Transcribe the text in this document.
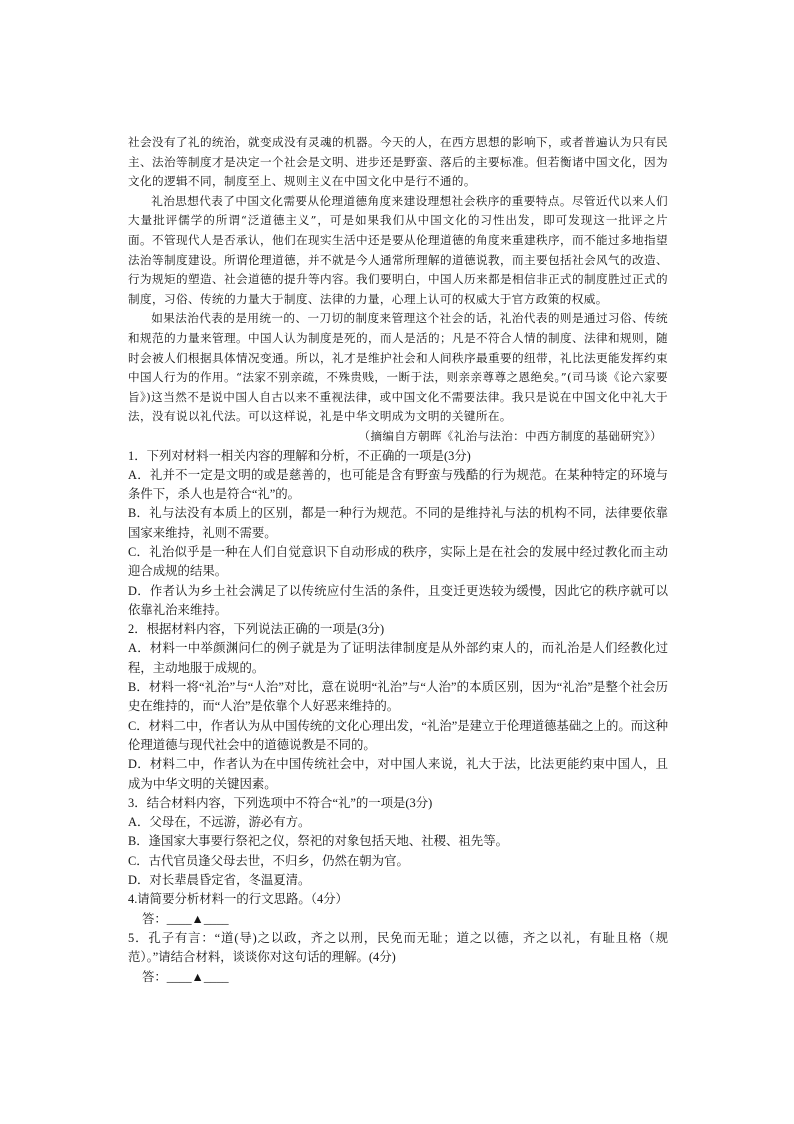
社会没有了礼的统治，就变成没有灵魂的机器。今天的人，在西方思想的影响下，或者普遍认为只有民主、法治等制度才是决定一个社会是文明、进步还是野蛮、落后的主要标准。但若衡诸中国文化，因为文化的逻辑不同，制度至上、规则主义在中国文化中是行不通的。

礼治思想代表了中国文化需要从伦理道德角度来建设理想社会秩序的重要特点。尽管近代以来人们大量批评儒学的所谓“泛道德主义”，可是如果我们从中国文化的习性出发，即可发现这一批评之片面。不管现代人是否承认，他们在现实生活中还是要从伦理道德的角度来重建秩序，而不能过多地指望法治等制度建设。所谓伦理道德，并不就是今人通常所理解的道德说教，而主要包括社会风气的改造、行为规矩的塑造、社会道德的提升等内容。我们要明白，中国人历来都是相信非正式的制度胜过正式的制度，习俗、传统的力量大于制度、法律的力量，心理上认可的权威大于官方政策的权威。

如果法治代表的是用统一的、一刀切的制度来管理这个社会的话，礼治代表的则是通过习俗、传统和规范的力量来管理。中国人认为制度是死的，而人是活的；凡是不符合人情的制度、法律和规则，随时会被人们根据具体情况变通。所以，礼才是维护社会和人间秩序最重要的纽带，礼比法更能发挥约束中国人行为的作用。“法家不别亲疏，不殊贵贱，一断于法，则亲亲尊尊之恩绝矣。”(司马谈《论六家要旨》)这当然不是说中国人自古以来不重视法律，或中国文化不需要法律。我只是说在中国文化中礼大于法，没有说以礼代法。可以这样说，礼是中华文明成为文明的关键所在。

（摘编自方朝晖《礼治与法治：中西方制度的基础研究》）

1．下列对材料一相关内容的理解和分析，不正确的一项是(3分)

A．礼并不一定是文明的或是慈善的，也可能是含有野蛮与残酷的行为规范。在某种特定的环境与条件下，杀人也是符合“礼”的。

B．礼与法没有本质上的区别，都是一种行为规范。不同的是维持礼与法的机构不同，法律要依靠国家来维持，礼则不需要。

C．礼治似乎是一种在人们自觉意识下自动形成的秩序，实际上是在社会的发展中经过教化而主动迎合成规的结果。

D．作者认为乡土社会满足了以传统应付生活的条件，且变迁更迭较为缓慢，因此它的秩序就可以依靠礼治来维持。

2．根据材料内容，下列说法正确的一项是(3分)

A．材料一中举颜渊问仁的例子就是为了证明法律制度是从外部约束人的，而礼治是人们经教化过程，主动地服于成规的。

B．材料一将“礼治”与“人治”对比，意在说明“礼治”与“人治”的本质区别，因为“礼治”是整个社会历史在维持的，而“人治”是依靠个人好恶来维持的。

C．材料二中，作者认为从中国传统的文化心理出发，“礼治”是建立于伦理道德基础之上的。而这种伦理道德与现代社会中的道德说教是不同的。

D．材料二中，作者认为在中国传统社会中，对中国人来说，礼大于法，比法更能约束中国人，且成为中华文明的关键因素。

3．结合材料内容，下列选项中不符合“礼”的一项是(3分)

A．父母在，不远游，游必有方。

B．逢国家大事要行祭祀之仪，祭祀的对象包括天地、社稷、祖先等。

C．古代官员逢父母去世，不归乡，仍然在朝为官。

D．对长辈晨昏定省，冬温夏清。

4.请简要分析材料一的行文思路。（4分）

答：____▲____

5．孔子有言：“道(导)之以政，齐之以刑，民免而无耻；道之以德，齐之以礼，有耻且格（规范）。”请结合材料，谈谈你对这句话的理解。(4分)

答：____▲____
